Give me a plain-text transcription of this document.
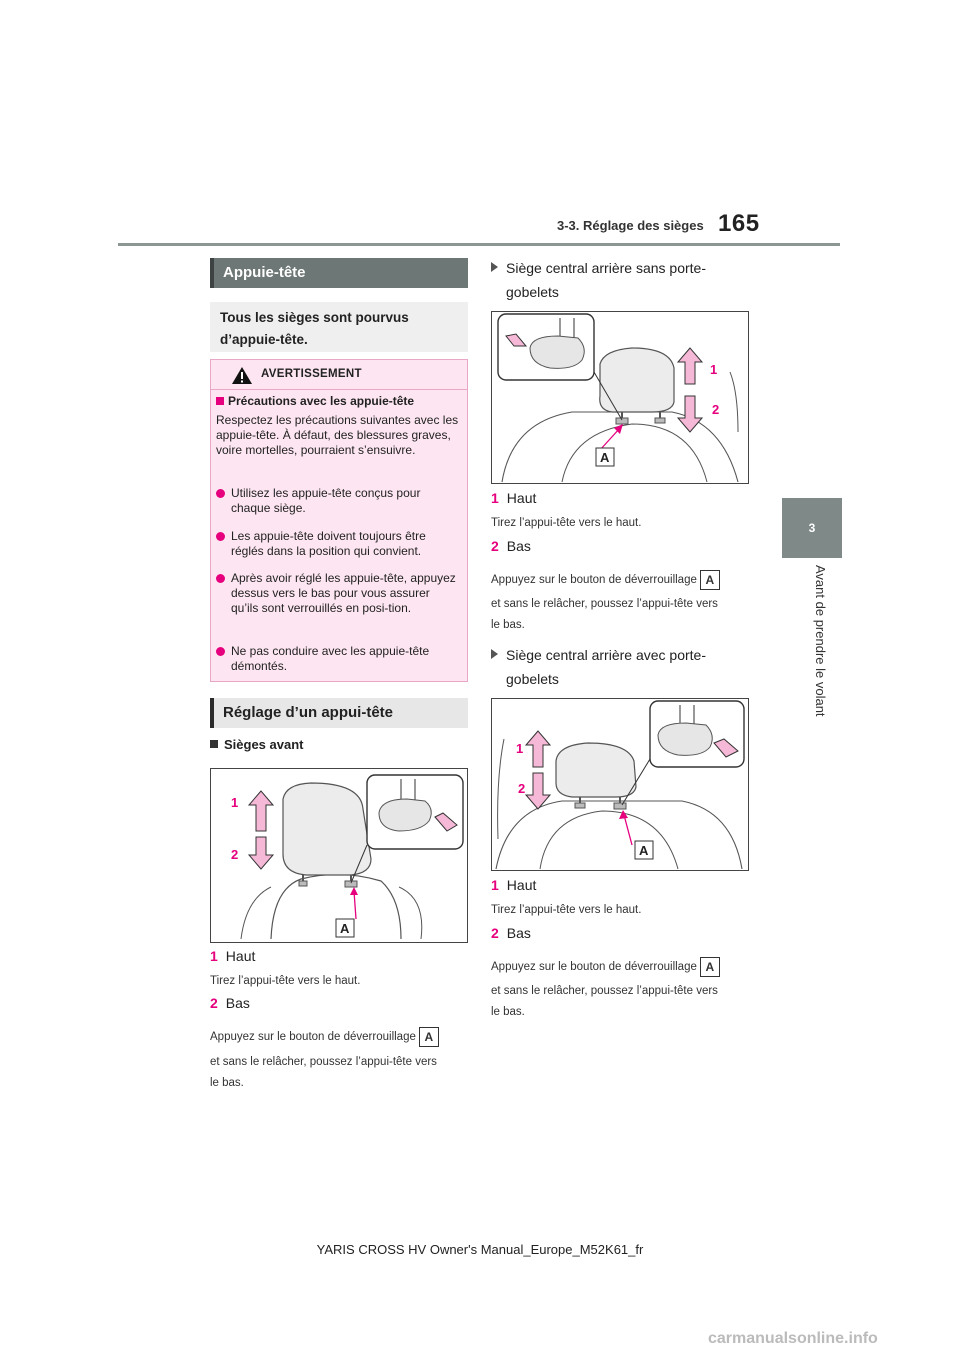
3-3. Réglage des sièges 165
3
Avant de prendre le volant
Appuie-tête

Tous les sièges sont pourvus d’appuie-tête.

AVERTISSEMENT
Précautions avec les appuie-tête
Respectez les précautions suivantes avec les appuie-tête. À défaut, des blessures graves, voire mortelles, pourraient s’ensuivre.
Utilisez les appuie-tête conçus pour chaque siège.
Les appuie-tête doivent toujours être réglés dans la position qui convient.
Après avoir réglé les appuie-tête, appuyez dessus vers le bas pour vous assurer qu’ils sont verrouillés en posi-tion.
Ne pas conduire avec les appuie-tête démontés.
Réglage d’un appui-tête
Sièges avant
1
2
A
1 Haut
Tirez l’appui-tête vers le haut.
2 Bas
Appuyez sur le bouton de déverrouillage A
et sans le relâcher, poussez l’appui-tête vers
le bas.
Siège central arrière sans porte-
gobelets
1
2
A
1 Haut
Tirez l’appui-tête vers le haut.
2 Bas
Appuyez sur le bouton de déverrouillage A
et sans le relâcher, poussez l’appui-tête vers
le bas.
Siège central arrière avec porte-
gobelets
1
2
A
1 Haut
Tirez l’appui-tête vers le haut.
2 Bas
Appuyez sur le bouton de déverrouillage A
et sans le relâcher, poussez l’appui-tête vers
le bas.
YARIS CROSS HV Owner's Manual_Europe_M52K61_fr
carmanualsonline.info
